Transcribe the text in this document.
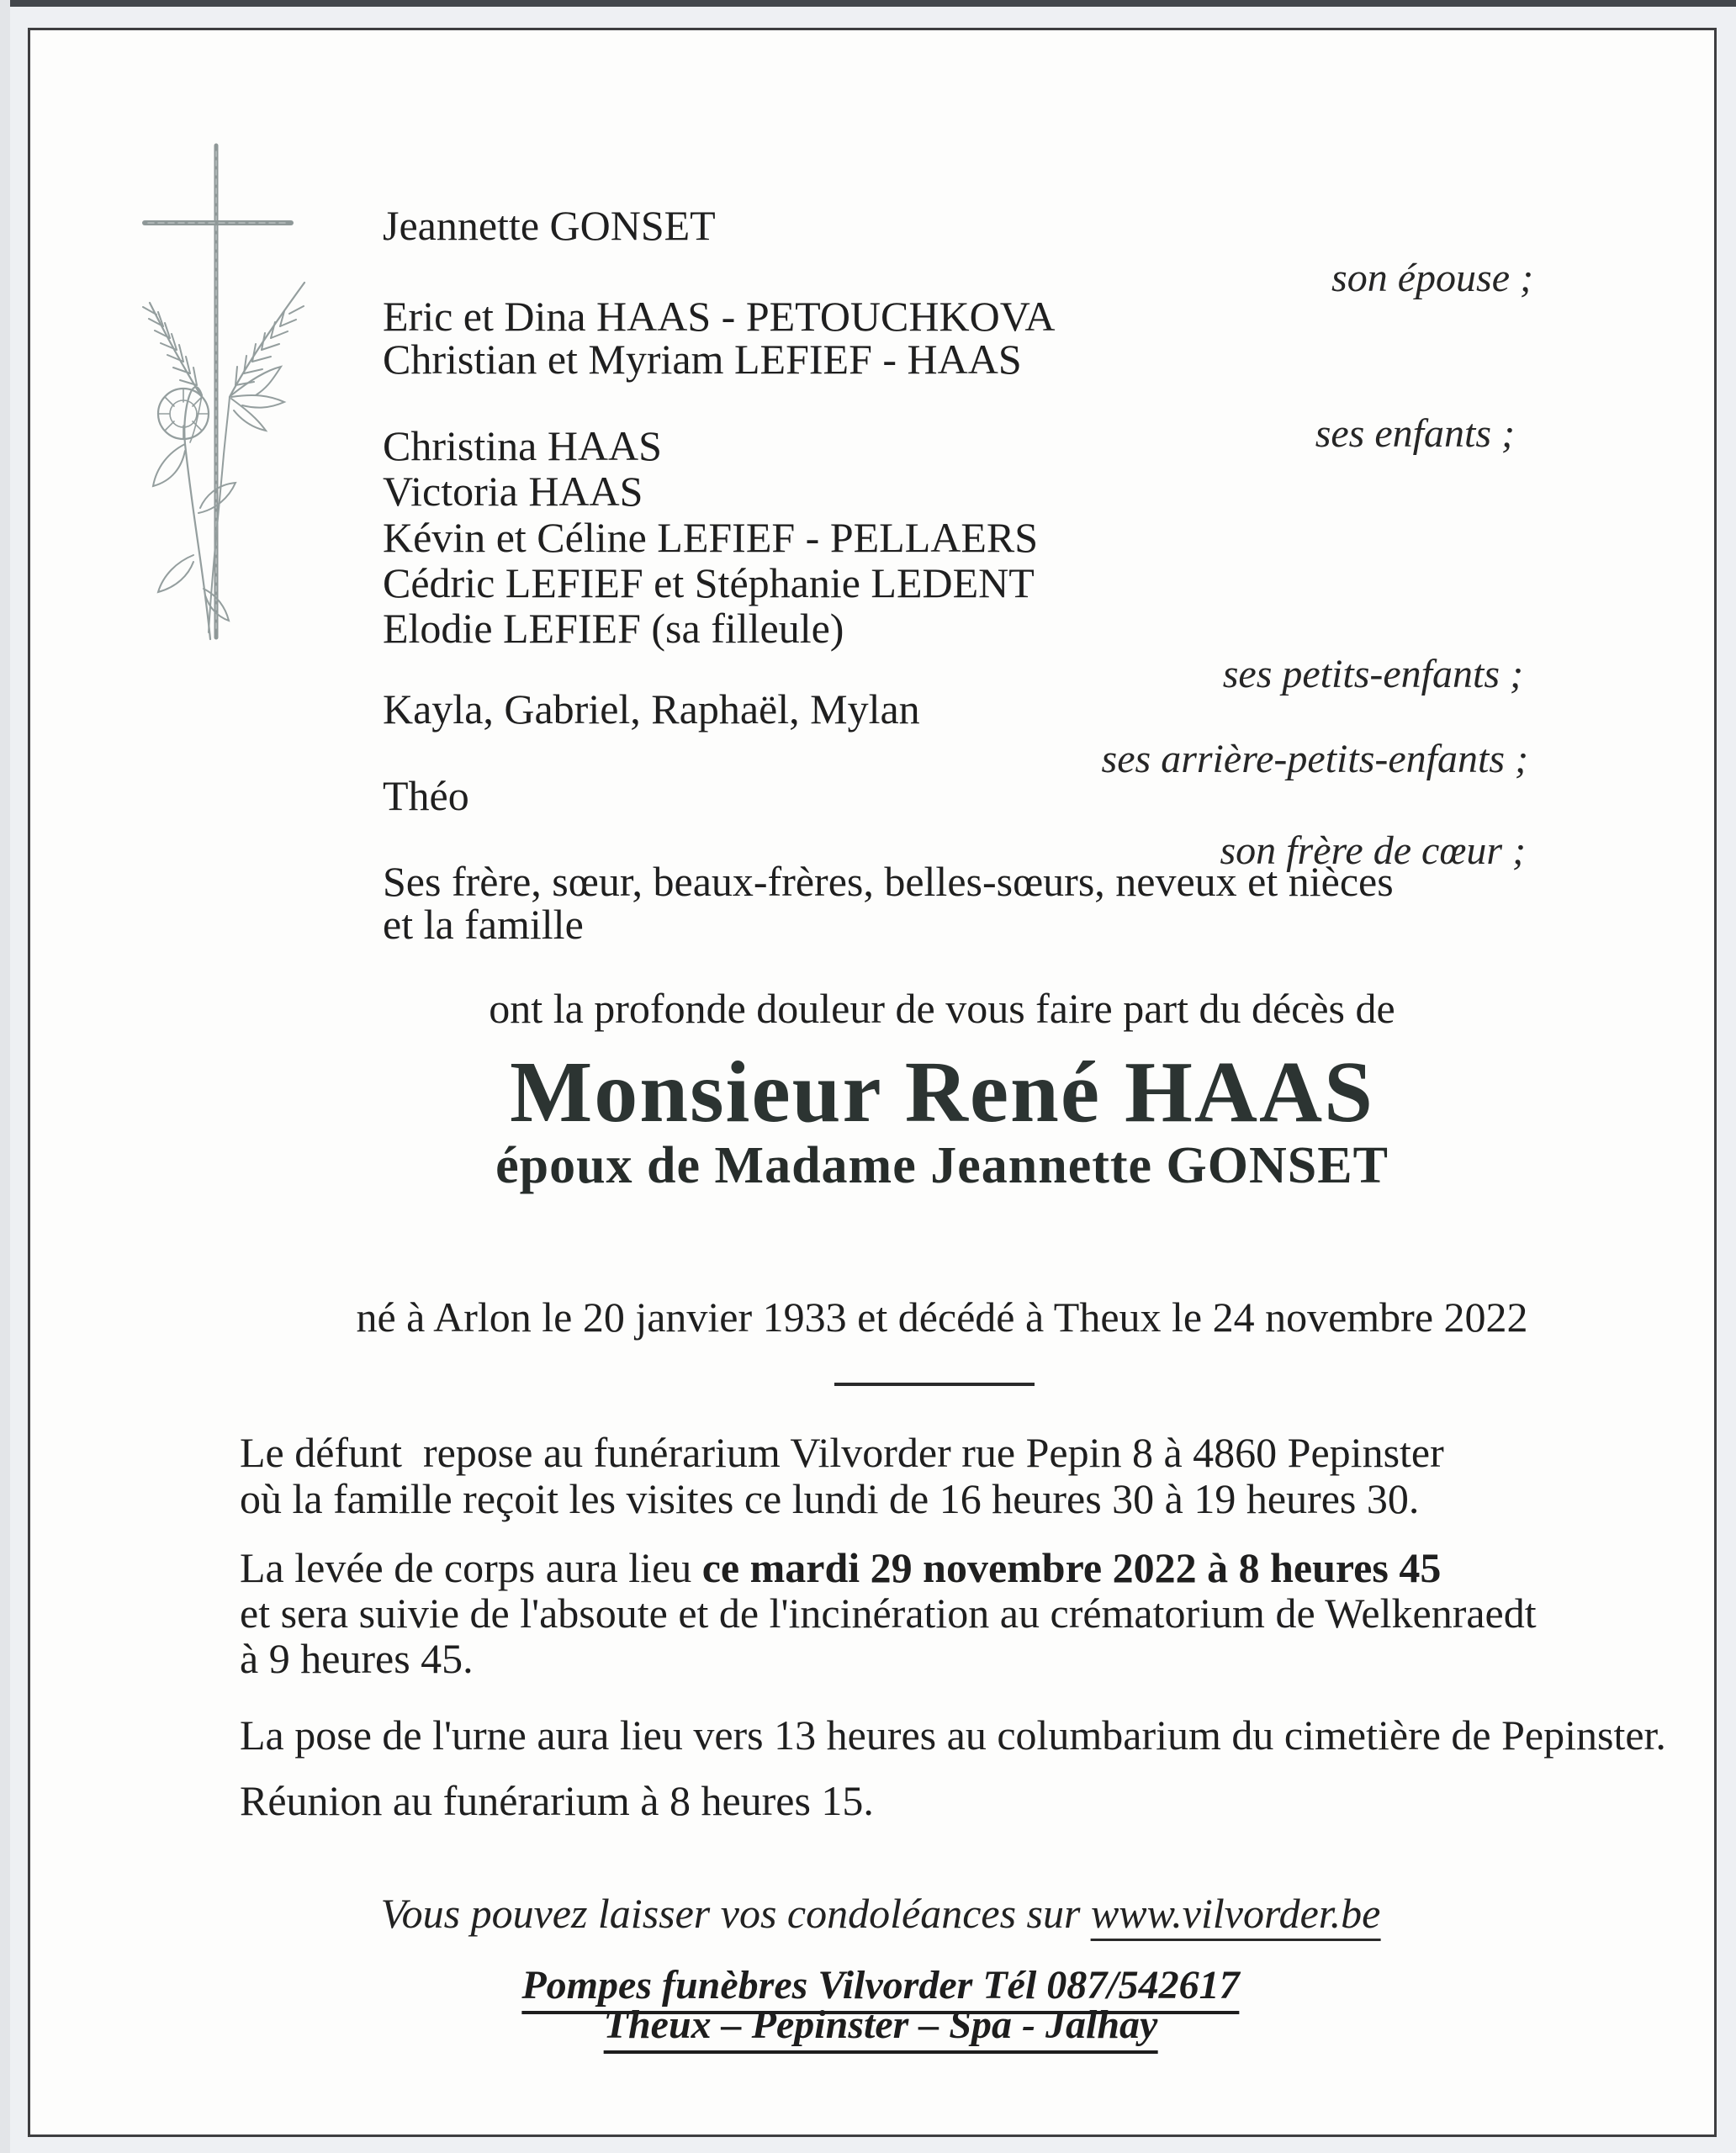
Jeannette GONSET
son épouse ;
Eric et Dina HAAS - PETOUCHKOVA
Christian et Myriam LEFIEF - HAAS
ses enfants ;
Christina HAAS
Victoria HAAS
Kévin et Céline LEFIEF - PELLAERS
Cédric LEFIEF et Stéphanie LEDENT
Elodie LEFIEF (sa filleule)
ses petits-enfants ;
Kayla, Gabriel, Raphaël, Mylan
ses arrière-petits-enfants ;
Théo
son frère de cœur ;
Ses frère, sœur, beaux-frères, belles-sœurs, neveux et nièces
et la famille
ont la profonde douleur de vous faire part du décès de
Monsieur René HAAS
époux de Madame Jeannette GONSET
né à Arlon le 20 janvier 1933 et décédé à Theux le 24 novembre 2022
Le défunt  repose au funérarium Vilvorder rue Pepin 8 à 4860 Pepinster
où la famille reçoit les visites ce lundi de 16 heures 30 à 19 heures 30.
La levée de corps aura lieu ce mardi 29 novembre 2022 à 8 heures 45
et sera suivie de l'absoute et de l'incinération au crématorium de Welkenraedt
à 9 heures 45.
La pose de l'urne aura lieu vers 13 heures au columbarium du cimetière de Pepinster.
Réunion au funérarium à 8 heures 15.
Vous pouvez laisser vos condoléances sur www.vilvorder.be
Pompes funèbres Vilvorder Tél 087/542617
Theux – Pepinster – Spa - Jalhay
